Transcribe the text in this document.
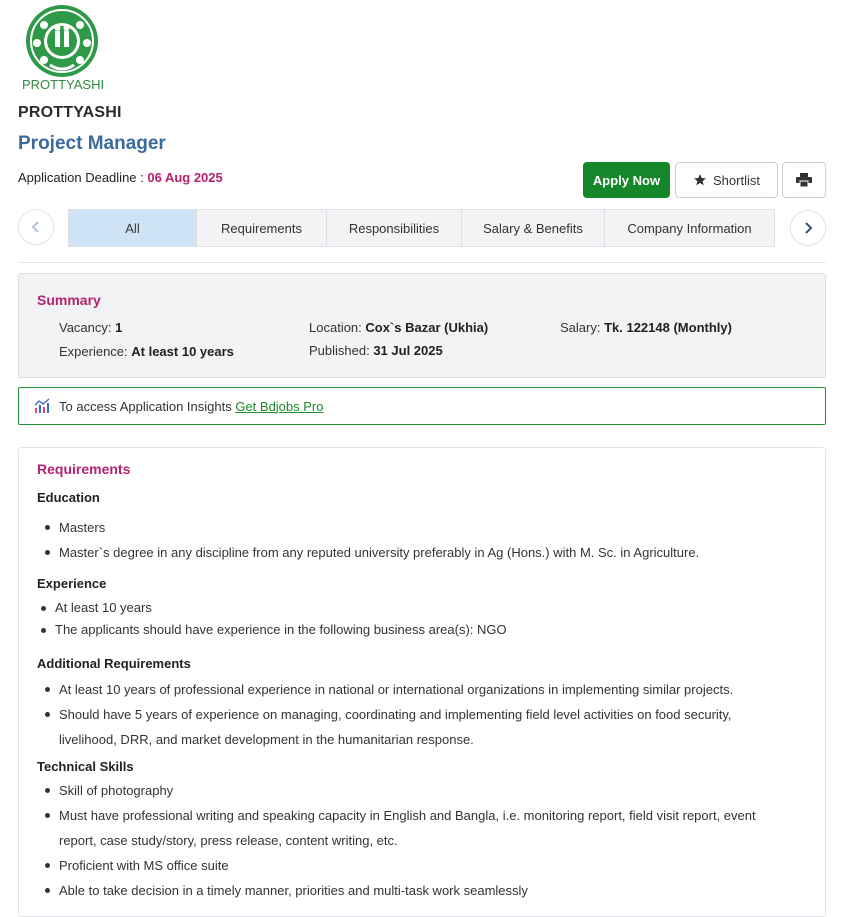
PROTTYASHI
PROTTYASHI
Project Manager
Application Deadline : 06 Aug 2025	Apply Now	Shortlist
All	Requirements	Responsibilities	Salary & Benefits	Company Information
Summary
Vacancy: 1	Location: Cox`s Bazar (Ukhia)	Salary: Tk. 122148 (Monthly)
Experience: At least 10 years	Published: 31 Jul 2025
To access Application Insights Get Bdjobs Pro
Requirements
Education
Masters
Master`s degree in any discipline from any reputed university preferably in Ag (Hons.) with M. Sc. in Agriculture.
Experience
At least 10 years
The applicants should have experience in the following business area(s): NGO
Additional Requirements
At least 10 years of professional experience in national or international organizations in implementing similar projects.
Should have 5 years of experience on managing, coordinating and implementing field level activities on food security, livelihood, DRR, and market development in the humanitarian response.
Technical Skills
Skill of photography
Must have professional writing and speaking capacity in English and Bangla, i.e. monitoring report, field visit report, event report, case study/story, press release, content writing, etc.
Proficient with MS office suite
Able to take decision in a timely manner, priorities and multi-task work seamlessly
